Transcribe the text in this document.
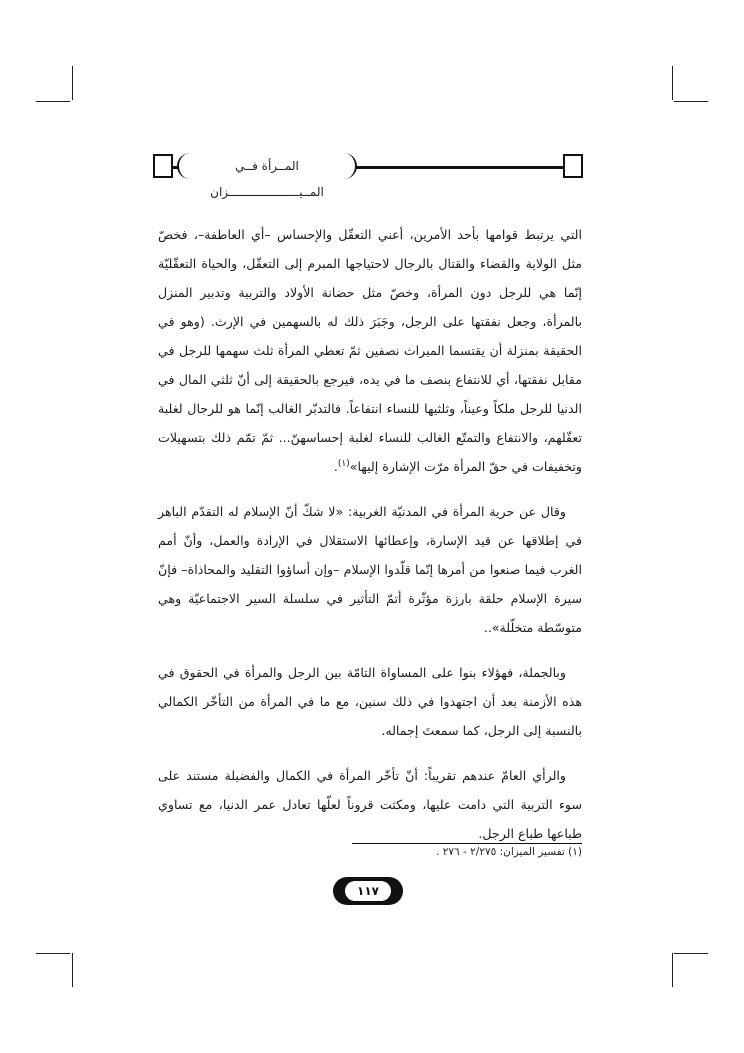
المــرأة فــي المــيــــــــــــــــــــزان

التي يرتبط قوامها بأحد الأمرين، أعني التعقّل والإحساس –أي العاطفة–، فخصّ مثل الولاية والقضاء والقتال بالرجال لاحتياجها المبرم إلى التعقّل، والحياة التعقّليّة إنّما هي للرجل دون المرأة، وخصّ مثل حضانة الأولاد والتربية وتدبير المنزل بالمرأة، وجعل نفقتها على الرجل، وجَبَرَ ذلك له بالسهمين في الإرث. (وهو في الحقيقة بمنزلة أن يقتسما الميراث نصفين ثمّ تعطي المرأة ثلث سهمها للرجل في مقابل نفقتها، أي للانتفاع بنصف ما في يده، فيرجع بالحقيقة إلى أنّ ثلثي المال في الدنيا للرجل ملكاً وعيناً، وثلثيها للنساء انتفاعاً. فالتدبّر الغالب إنّما هو للرجال لغلبة تعقّلهم، والانتفاع والتمتّع الغالب للنساء لغلبة إحساسهنّ... ثمّ تمّم ذلك بتسهيلات وتخفيفات في حقّ المرأة مرّت الإشارة إليها»$^{(١)}$.

وقال عن حرية المرأة في المدنيّة الغربية: «لا شكّ أنّ الإسلام له التقدّم الباهر في إطلاقها عن قيد الإسارة، وإعطائها الاستقلال في الإرادة والعمل، وأنّ أمم الغرب فيما صنعوا من أمرها إنّما قلّدوا الإسلام –وإن أساؤوا التقليد والمحاذاة– فإنّ سيرة الإسلام حلقة بارزة مؤثّرة أتمّ التأثير في سلسلة السير الاجتماعيّة وهي متوسّطة متخلّلة»..

وبالجملة، فهؤلاء بنوا على المساواة التامّة بين الرجل والمرأة في الحقوق في هذه الأزمنة بعد أن اجتهدوا في ذلك سنين، مع ما في المرأة من التأخّر الكمالي بالنسبة إلى الرجل، كما سمعتَ إجماله.

والرأي العامّ عندهم تقريباً: أنّ تأخّر المرأة في الكمال والفضيلة مستند على سوء التربية التي دامت عليها، ومكثت قروناً لعلّها تعادل عمر الدنيا، مع تساوي طباعها طباع الرجل.

(١) تفسير الميزان: ٢/٢٧٥ - ٢٧٦ .
١١٧
